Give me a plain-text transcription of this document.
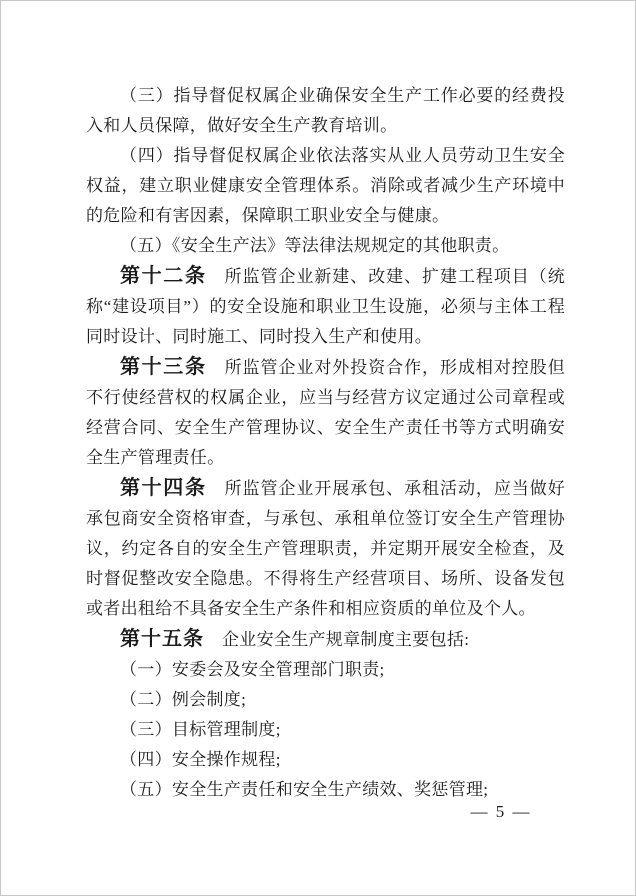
（三）指导督促权属企业确保安全生产工作必要的经费投入和人员保障，做好安全生产教育培训。

（四）指导督促权属企业依法落实从业人员劳动卫生安全权益，建立职业健康安全管理体系。消除或者减少生产环境中的危险和有害因素，保障职工职业安全与健康。

（五）《安全生产法》等法律法规规定的其他职责。

第十二条 所监管企业新建、改建、扩建工程项目（统称“建设项目”）的安全设施和职业卫生设施，必须与主体工程同时设计、同时施工、同时投入生产和使用。

第十三条 所监管企业对外投资合作，形成相对控股但不行使经营权的权属企业，应当与经营方议定通过公司章程或经营合同、安全生产管理协议、安全生产责任书等方式明确安全生产管理责任。

第十四条 所监管企业开展承包、承租活动，应当做好承包商安全资格审查，与承包、承租单位签订安全生产管理协议，约定各自的安全生产管理职责，并定期开展安全检查，及时督促整改安全隐患。不得将生产经营项目、场所、设备发包或者出租给不具备安全生产条件和相应资质的单位及个人。

第十五条 企业安全生产规章制度主要包括:

（一）安委会及安全管理部门职责;

（二）例会制度;

（三）目标管理制度;

（四）安全操作规程;

（五）安全生产责任和安全生产绩效、奖惩管理;

— 5 —
